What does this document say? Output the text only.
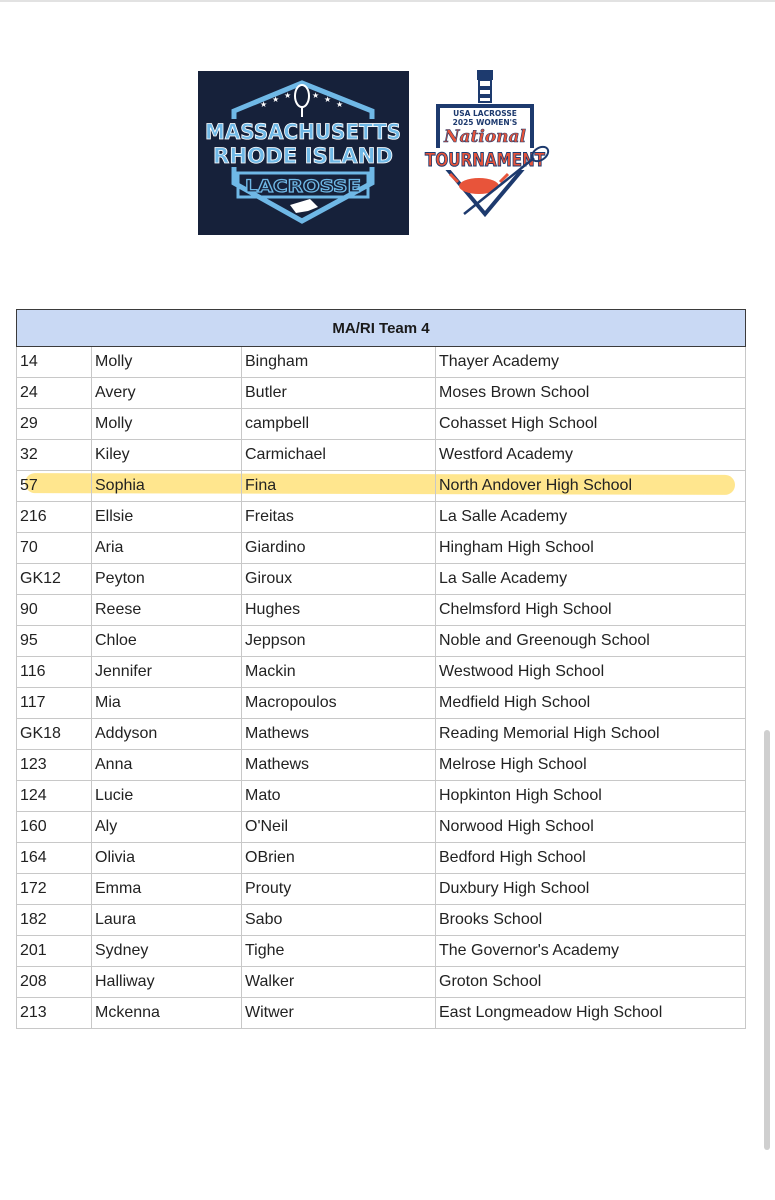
★
★ ★	★ ★
★
MASSACHUSETTS
RHODE ISLAND
LACROSSE
USA LACROSSE
2025 WOMEN'S
National
TOURNAMENT
MA/RI Team 4
14	Molly	Bingham	Thayer Academy
24	Avery	Butler	Moses Brown School
29	Molly	campbell	Cohasset High School
32	Kiley	Carmichael	Westford Academy
57	Sophia	Fina	North Andover High School
216	Ellsie	Freitas	La Salle Academy
70	Aria	Giardino	Hingham High School
GK12	Peyton	Giroux	La Salle Academy
90	Reese	Hughes	Chelmsford High School
95	Chloe	Jeppson	Noble and Greenough School
116	Jennifer	Mackin	Westwood High School
117	Mia	Macropoulos	Medfield High School
GK18	Addyson	Mathews	Reading Memorial High School
123	Anna	Mathews	Melrose High School
124	Lucie	Mato	Hopkinton High School
160	Aly	O'Neil	Norwood High School
164	Olivia	OBrien	Bedford High School
172	Emma	Prouty	Duxbury High School
182	Laura	Sabo	Brooks School
201	Sydney	Tighe	The Governor's Academy
208	Halliway	Walker	Groton School
213	Mckenna	Witwer	East Longmeadow High School
